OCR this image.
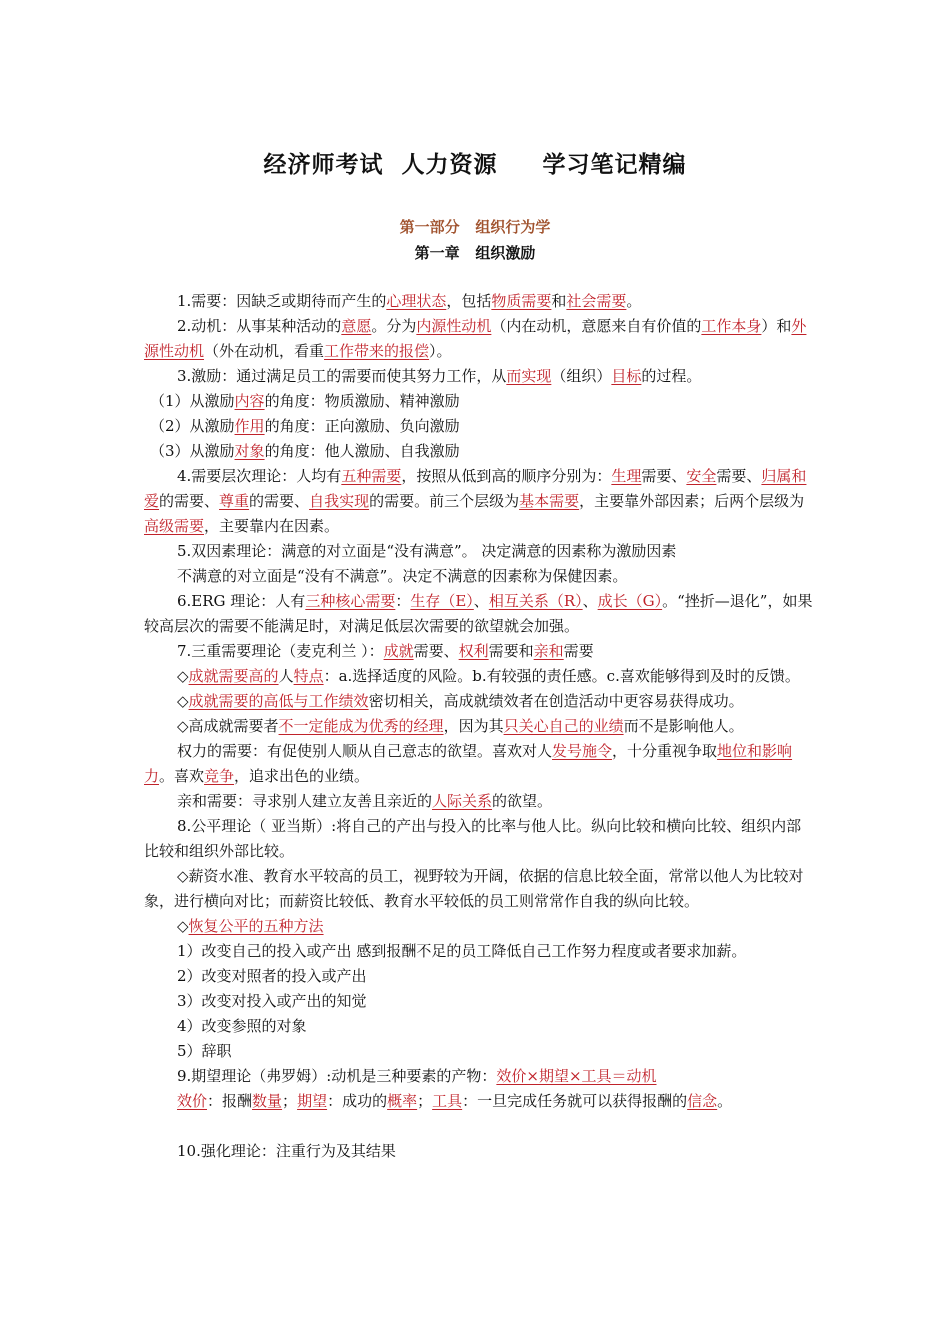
经济师考试  人力资源     学习笔记精编
第一部分   组织行为学
第一章   组织激励

1.需要：因缺乏或期待而产生的心理状态，包括物质需要和社会需要。

2.动机：从事某种活动的意愿。分为内源性动机（内在动机，意愿来自有价值的工作本身）和外源性动机（外在动机，看重工作带来的报偿）。

3.激励：通过满足员工的需要而使其努力工作，从而实现（组织）目标的过程。

（1）从激励内容的角度：物质激励、精神激励

（2）从激励作用的角度：正向激励、负向激励

（3）从激励对象的角度：他人激励、自我激励

4.需要层次理论：人均有五种需要，按照从低到高的顺序分别为：生理需要、安全需要、归属和爱的需要、尊重的需要、自我实现的需要。前三个层级为基本需要，主要靠外部因素；后两个层级为高级需要，主要靠内在因素。

5.双因素理论：满意的对立面是“没有满意”。 决定满意的因素称为激励因素

不满意的对立面是“没有不满意”。决定不满意的因素称为保健因素。

6.ERG 理论：人有三种核心需要：生存（E）、相互关系（R）、成长（G）。“挫折—退化”，如果较高层次的需要不能满足时，对满足低层次需要的欲望就会加强。

7.三重需要理论（麦克利兰 ）：成就需要、权利需要和亲和需要

◇成就需要高的人特点：a.选择适度的风险。b.有较强的责任感。c.喜欢能够得到及时的反馈。

◇成就需要的高低与工作绩效密切相关，高成就绩效者在创造活动中更容易获得成功。

◇高成就需要者不一定能成为优秀的经理，因为其只关心自己的业绩而不是影响他人。

权力的需要：有促使别人顺从自己意志的欲望。喜欢对人发号施令，十分重视争取地位和影响力。喜欢竞争，追求出色的业绩。

亲和需要：寻求别人建立友善且亲近的人际关系的欲望。

8.公平理论（ 亚当斯）:将自己的产出与投入的比率与他人比。纵向比较和横向比较、组织内部比较和组织外部比较。

◇薪资水准、教育水平较高的员工，视野较为开阔，依据的信息比较全面，常常以他人为比较对象，进行横向对比；而薪资比较低、教育水平较低的员工则常常作自我的纵向比较。

◇恢复公平的五种方法

1）改变自己的投入或产出 感到报酬不足的员工降低自己工作努力程度或者要求加薪。

2）改变对照者的投入或产出

3）改变对投入或产出的知觉

4）改变参照的对象

5）辞职

9.期望理论（弗罗姆）:动机是三种要素的产物：效价×期望×工具＝动机

效价：报酬数量；期望：成功的概率；工具：一旦完成任务就可以获得报酬的信念。

10.强化理论：注重行为及其结果
